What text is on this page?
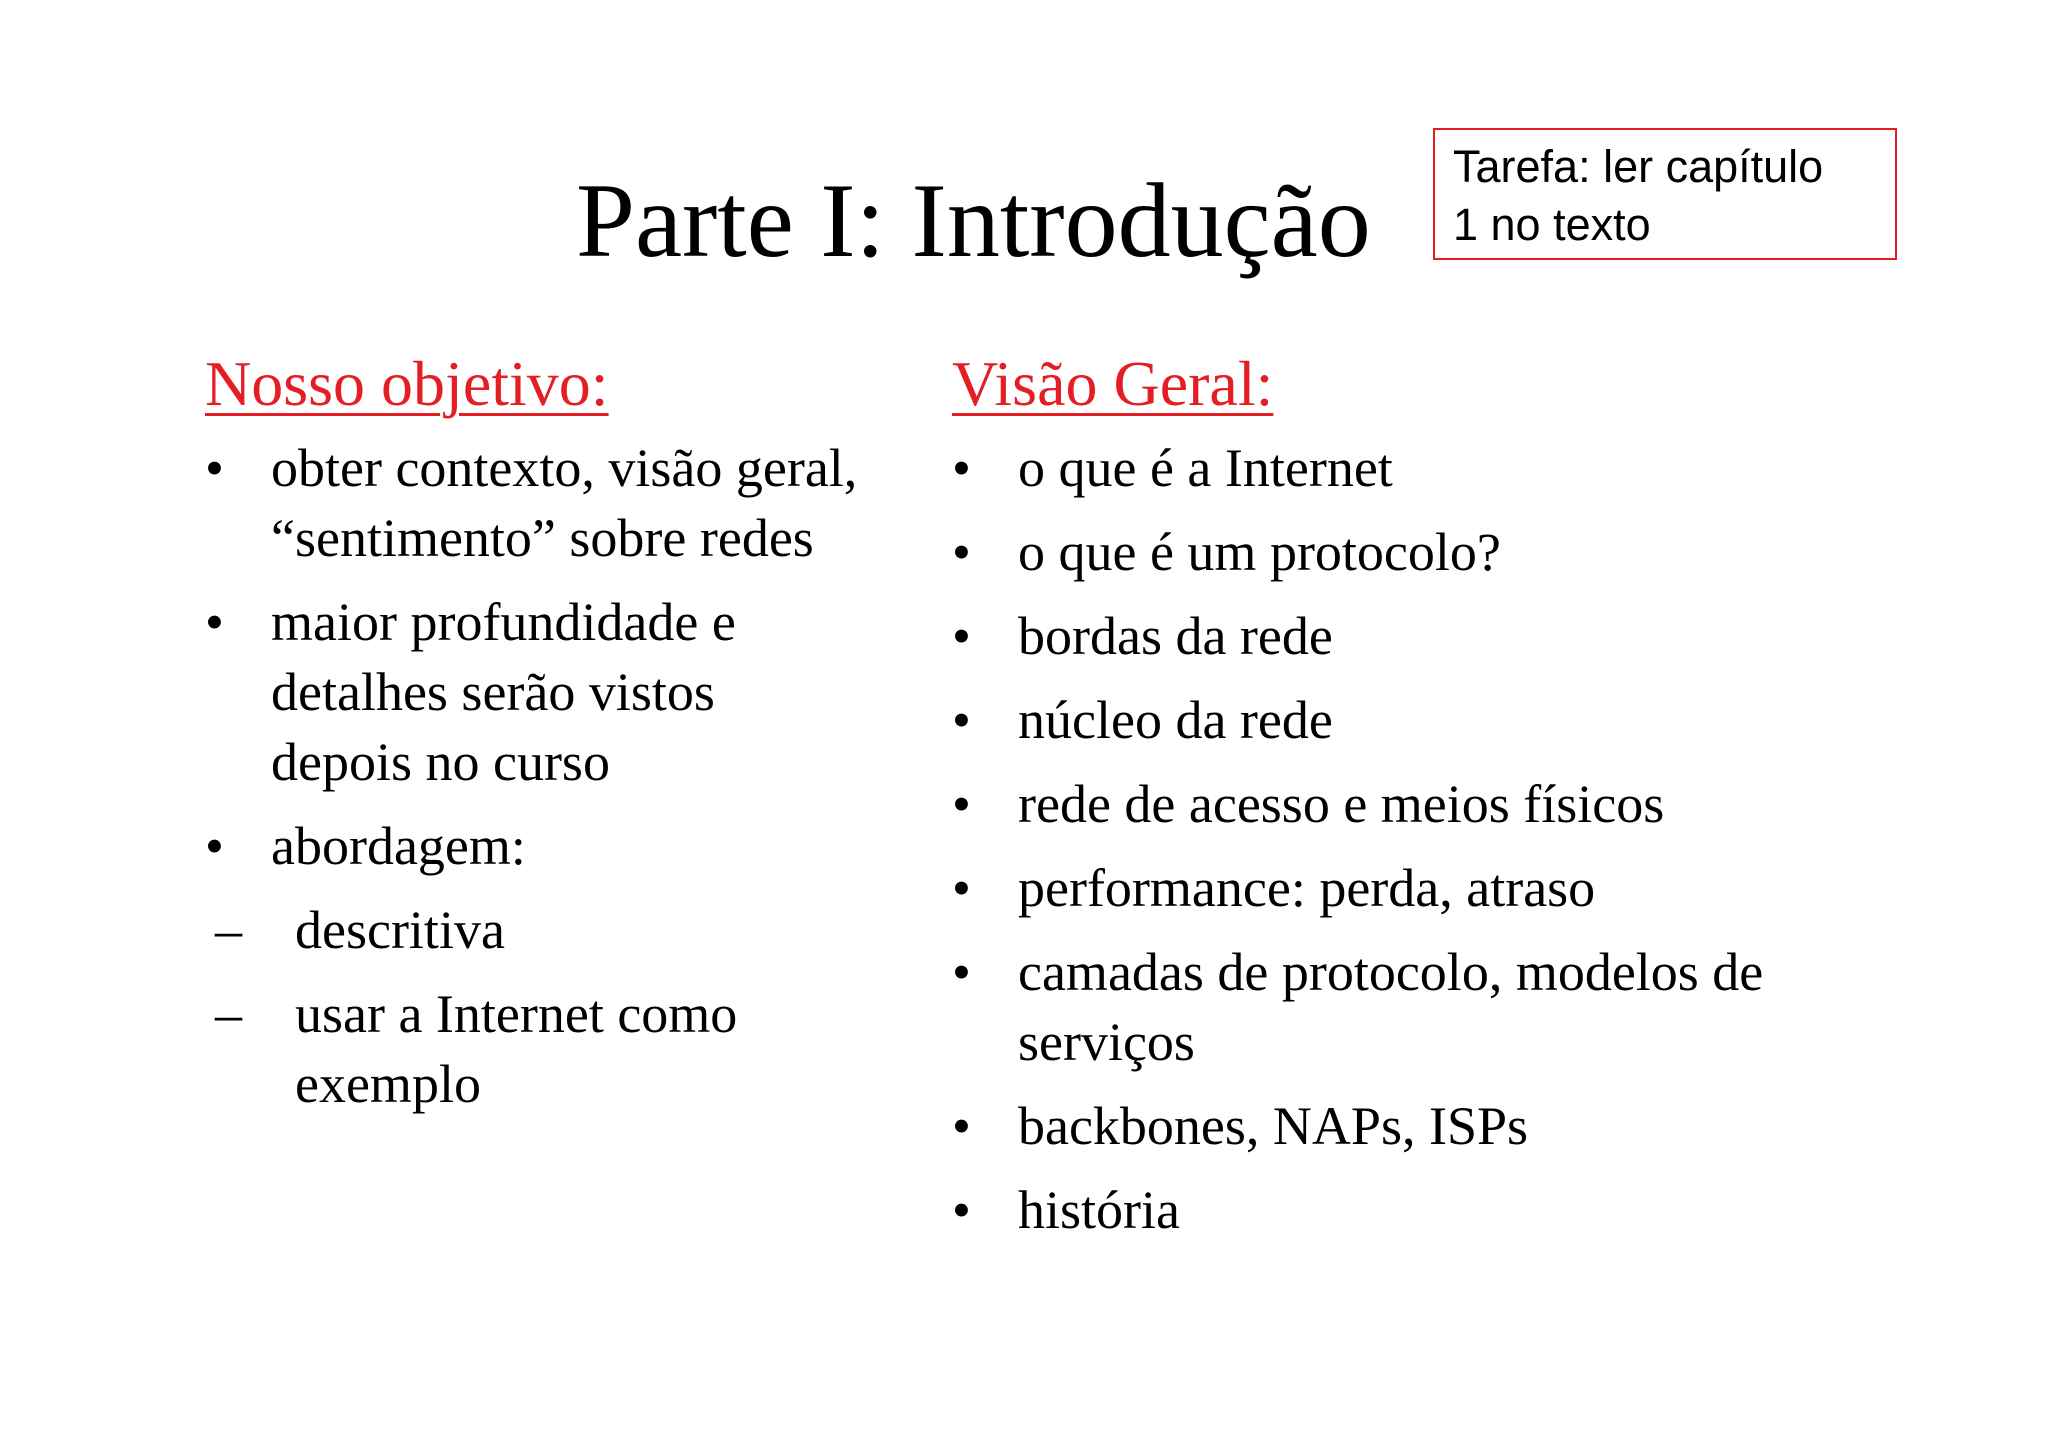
Parte I: Introdução Tarefa: ler capítulo
1 no texto
Nosso objetivo:
• obter contexto, visão geral,
“sentimento” sobre redes
• maior profundidade e
detalhes serão vistos
depois no curso
• abordagem:
– descritiva
– usar a Internet como
exemplo
Visão Geral:
• o que é a Internet
• o que é um protocolo?
• bordas da rede
• núcleo da rede
• rede de acesso e meios físicos
• performance: perda, atraso
• camadas de protocolo, modelos de
serviços
• backbones, NAPs, ISPs
• história
